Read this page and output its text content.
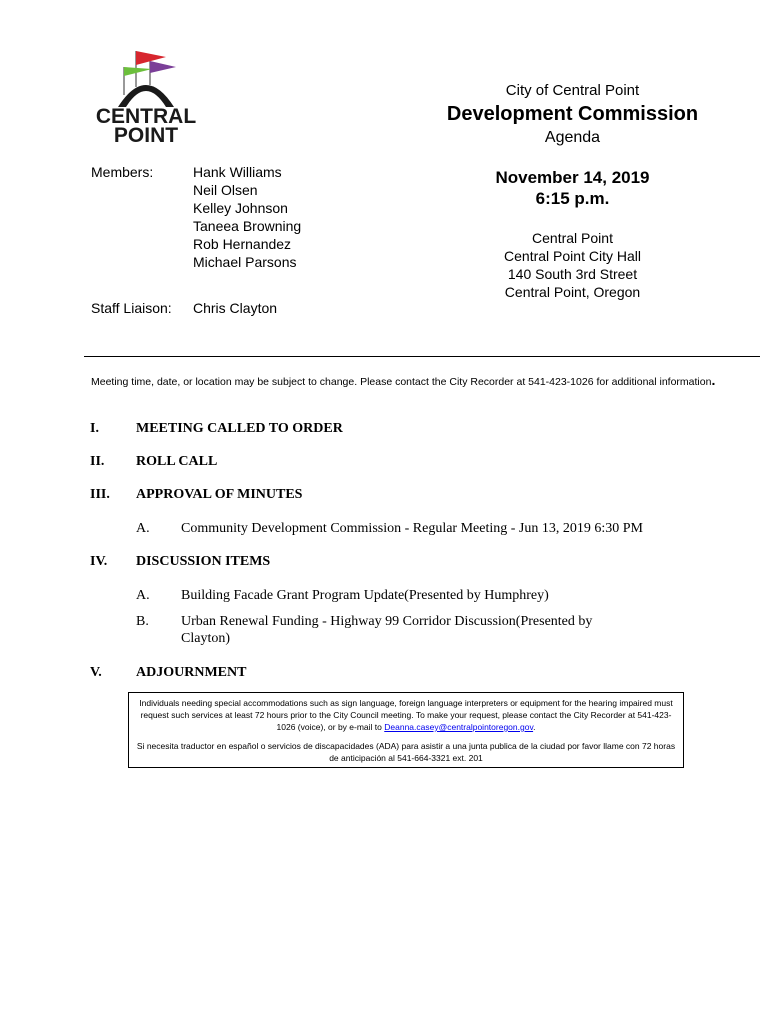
CENTRAL
POINT
City of Central Point
Development Commission
Agenda
November 14, 2019
6:15 p.m.
Central Point
Central Point City Hall
140 South 3rd Street
Central Point, Oregon
Members:	Hank Williams
Neil Olsen
Kelley Johnson
Taneea Browning
Rob Hernandez
Michael Parsons
Staff Liaison: Chris Clayton
Meeting time, date, or location may be subject to change. Please contact the City Recorder at 541-423-1026 for additional information.
I.	MEETING CALLED TO ORDER
II. ROLL CALL
III. APPROVAL OF MINUTES
A. Community Development Commission - Regular Meeting - Jun 13, 2019 6:30 PM
IV. DISCUSSION ITEMS
A. Building Facade Grant Program Update(Presented by Humphrey)
B. Urban Renewal Funding - Highway 99 Corridor Discussion(Presented by Clayton)
V. ADJOURNMENT

Individuals needing special accommodations such as sign language, foreign language interpreters or equipment for the hearing impaired must request such services at least 72 hours prior to the City Council meeting. To make your request, please contact the City Recorder at 541-423-1026 (voice), or by e-mail to Deanna.casey@centralpointoregon.gov.

Si necesita traductor en español o servicios de discapacidades (ADA) para asistir a una junta publica de la ciudad por favor llame con 72 horas de anticipación al 541-664-3321 ext. 201
